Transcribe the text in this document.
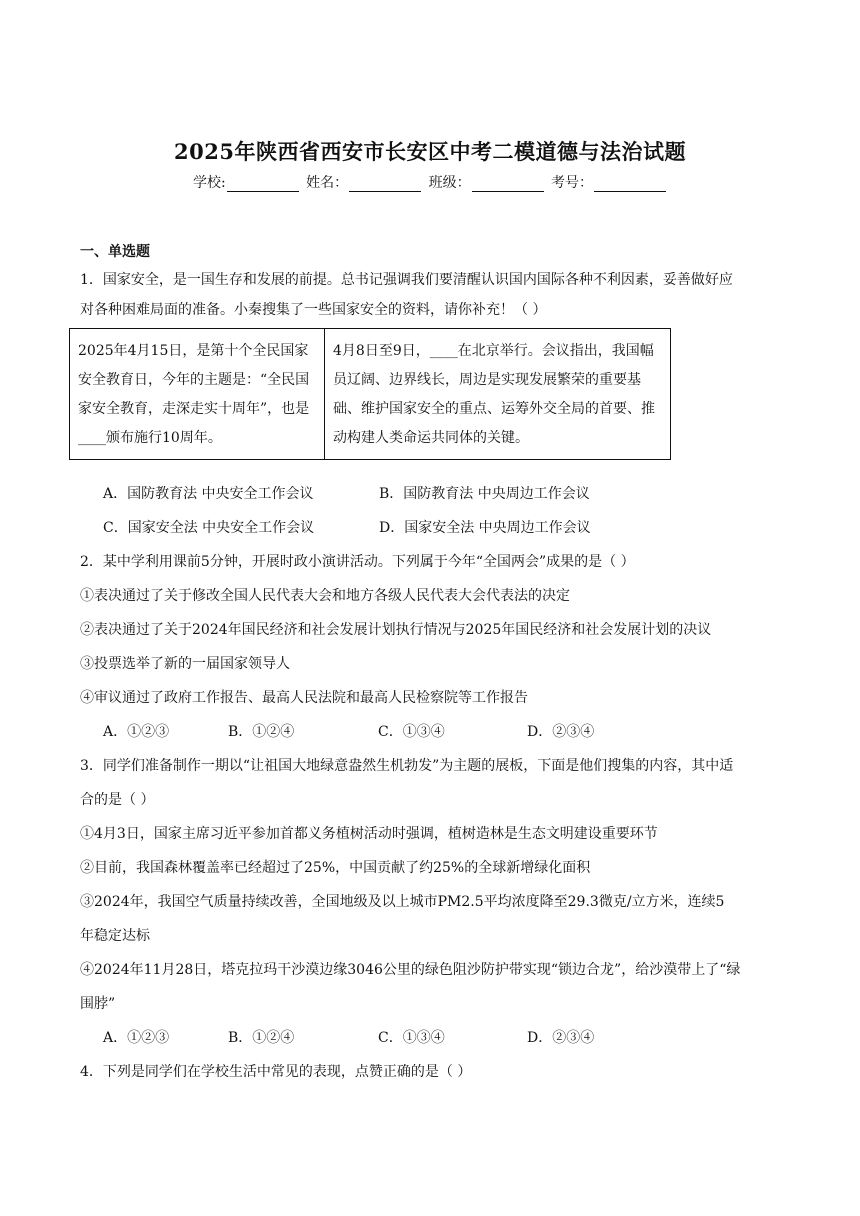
2025年陕西省西安市长安区中考二模道德与法治试题
学校:	姓名：	班级：	考号：
一、单选题
1．国家安全，是一国生存和发展的前提。总书记强调我们要清醒认识国内国际各种不利因素，妥善做好应
对各种困难局面的准备。小秦搜集了一些国家安全的资料，请你补充！（ ）
2025年4月15日，是第十个全民国家安全教育日，今年的主题是：“全民国家安全教育，走深走实十周年”，也是____颁布施行10周年。	4月8日至9日，____在北京举行。会议指出，我国幅员辽阔、边界线长，周边是实现发展繁荣的重要基础、维护国家安全的重点、运筹外交全局的首要、推动构建人类命运共同体的关键。
A．国防教育法 中央安全工作会议	B．国防教育法 中央周边工作会议
C．国家安全法 中央安全工作会议	D．国家安全法 中央周边工作会议
2．某中学利用课前5分钟，开展时政小演讲活动。下列属于今年“全国两会”成果的是（ ）
①表决通过了关于修改全国人民代表大会和地方各级人民代表大会代表法的决定
②表决通过了关于2024年国民经济和社会发展计划执行情况与2025年国民经济和社会发展计划的决议
③投票选举了新的一届国家领导人
④审议通过了政府工作报告、最高人民法院和最高人民检察院等工作报告
A．①②③	B．①②④	C．①③④	D．②③④
3．同学们准备制作一期以“让祖国大地绿意盎然生机勃发”为主题的展板，下面是他们搜集的内容，其中适
合的是（ ）
①4月3日，国家主席习近平参加首都义务植树活动时强调，植树造林是生态文明建设重要环节
②目前，我国森林覆盖率已经超过了25%，中国贡献了约25%的全球新增绿化面积
③2024年，我国空气质量持续改善，全国地级及以上城市PM2.5平均浓度降至29.3微克/立方米，连续5
年稳定达标
④2024年11月28日，塔克拉玛干沙漠边缘3046公里的绿色阻沙防护带实现“锁边合龙”，给沙漠带上了“绿
围脖”
A．①②③	B．①②④	C．①③④	D．②③④
4．下列是同学们在学校生活中常见的表现，点赞正确的是（ ）
